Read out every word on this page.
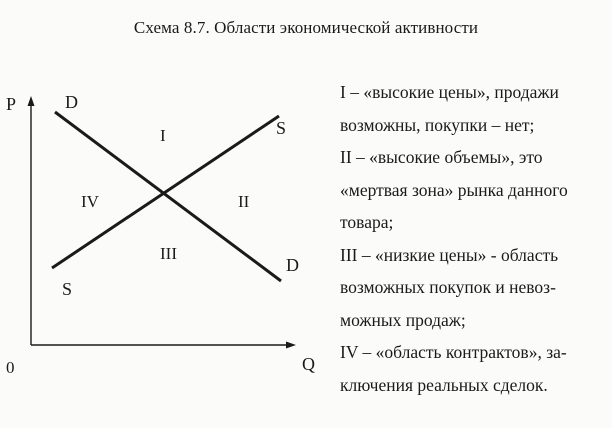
Схема 8.7. Области экономической активности
P
Q
0
D
D
S
S
I
II
III
IV
I – «высокие цены», продажи
возможны, покупки – нет;
II – «высокие объемы», это
«мертвая зона» рынка данного
товара;
III – «низкие цены» - область
возможных покупок и невоз-
можных продаж;
IV – «область контрактов», за-
ключения реальных сделок.
